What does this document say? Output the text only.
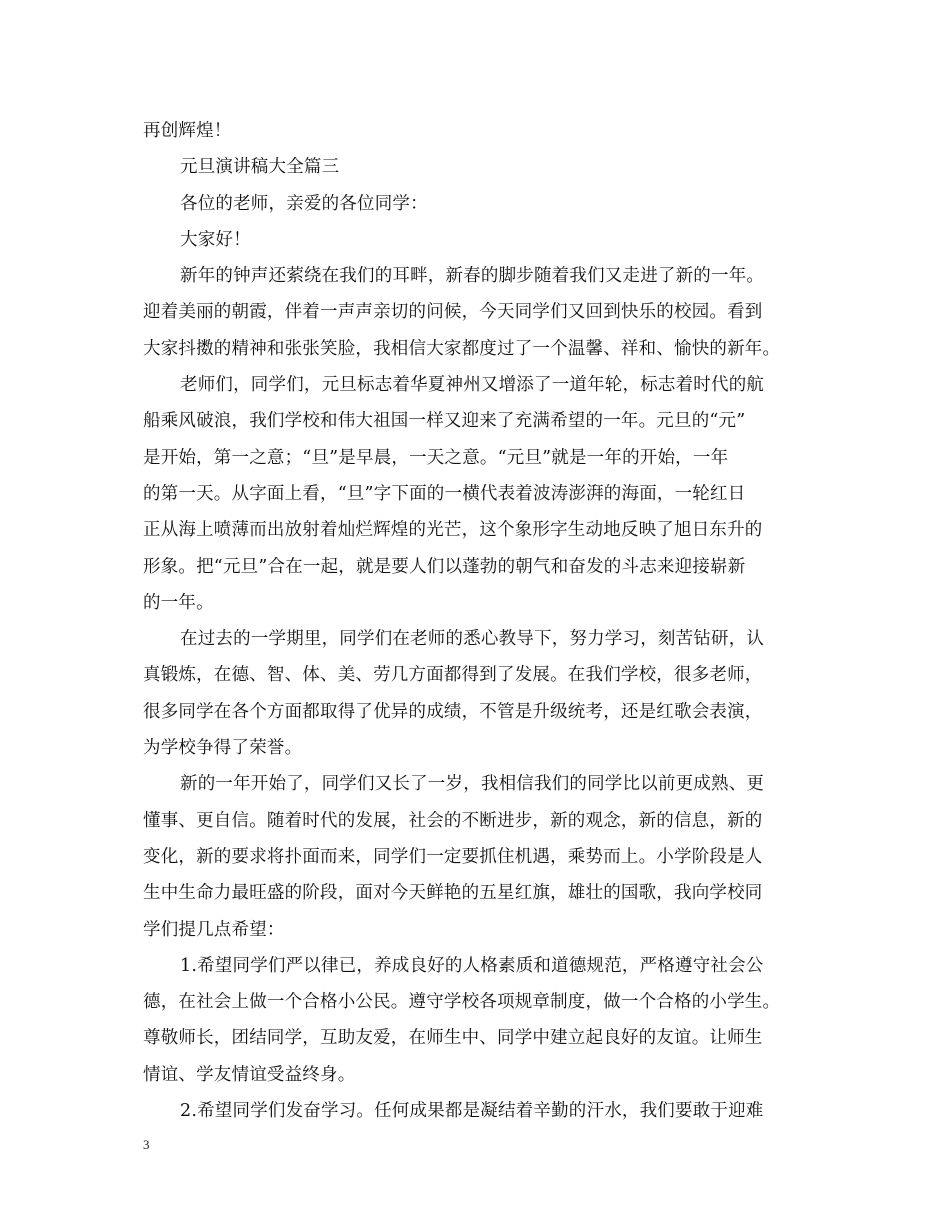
再创辉煌！
元旦演讲稿大全篇三
各位的老师，亲爱的各位同学：
大家好！
新年的钟声还萦绕在我们的耳畔，新春的脚步随着我们又走进了新的一年。
迎着美丽的朝霞，伴着一声声亲切的问候，今天同学们又回到快乐的校园。看到
大家抖擞的精神和张张笑脸，我相信大家都度过了一个温馨、祥和、愉快的新年。
老师们，同学们，元旦标志着华夏神州又增添了一道年轮，标志着时代的航
船乘风破浪，我们学校和伟大祖国一样又迎来了充满希望的一年。元旦的“元”
是开始，第一之意；“旦”是早晨，一天之意。“元旦”就是一年的开始，一年
的第一天。从字面上看，“旦”字下面的一横代表着波涛澎湃的海面，一轮红日
正从海上喷薄而出放射着灿烂辉煌的光芒，这个象形字生动地反映了旭日东升的
形象。把“元旦”合在一起，就是要人们以蓬勃的朝气和奋发的斗志来迎接崭新
的一年。
在过去的一学期里，同学们在老师的悉心教导下，努力学习，刻苦钻研，认
真锻炼，在德、智、体、美、劳几方面都得到了发展。在我们学校，很多老师，
很多同学在各个方面都取得了优异的成绩，不管是升级统考，还是红歌会表演，
为学校争得了荣誉。
新的一年开始了，同学们又长了一岁，我相信我们的同学比以前更成熟、更
懂事、更自信。随着时代的发展，社会的不断进步，新的观念，新的信息，新的
变化，新的要求将扑面而来，同学们一定要抓住机遇，乘势而上。小学阶段是人
生中生命力最旺盛的阶段，面对今天鲜艳的五星红旗，雄壮的国歌，我向学校同
学们提几点希望：
1.希望同学们严以律已，养成良好的人格素质和道德规范，严格遵守社会公
德，在社会上做一个合格小公民。遵守学校各项规章制度，做一个合格的小学生。
尊敬师长，团结同学，互助友爱，在师生中、同学中建立起良好的友谊。让师生
情谊、学友情谊受益终身。
2.希望同学们发奋学习。任何成果都是凝结着辛勤的汗水，我们要敢于迎难
3
